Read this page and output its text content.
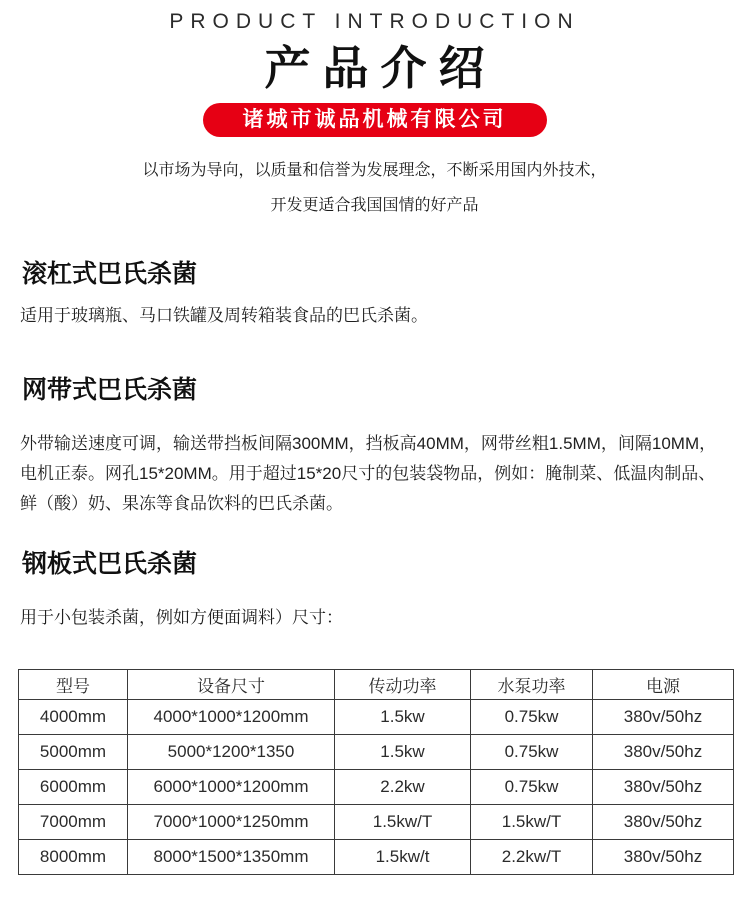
PRODUCT INTRODUCTION
产品介绍
诸城市诚品机械有限公司
以市场为导向，以质量和信誉为发展理念，不断采用国内外技术，
开发更适合我国国情的好产品
滚杠式巴氏杀菌
适用于玻璃瓶、马口铁罐及周转箱装食品的巴氏杀菌。
网带式巴氏杀菌
外带输送速度可调，输送带挡板间隔300MM，挡板高40MM，网带丝粗1.5MM，间隔10MM，电机正泰。网孔15*20MM。用于超过15*20尺寸的包装袋物品，例如：腌制菜、低温肉制品、鲜（酸）奶、果冻等食品饮料的巴氏杀菌。
钢板式巴氏杀菌
用于小包装杀菌，例如方便面调料）尺寸：
型号	设备尺寸	传动功率	水泵功率	电源
4000mm	4000*1000*1200mm	1.5kw	0.75kw	380v/50hz
5000mm	5000*1200*1350	1.5kw	0.75kw	380v/50hz
6000mm	6000*1000*1200mm	2.2kw	0.75kw	380v/50hz
7000mm	7000*1000*1250mm	1.5kw/T	1.5kw/T	380v/50hz
8000mm	8000*1500*1350mm	1.5kw/t	2.2kw/T	380v/50hz
